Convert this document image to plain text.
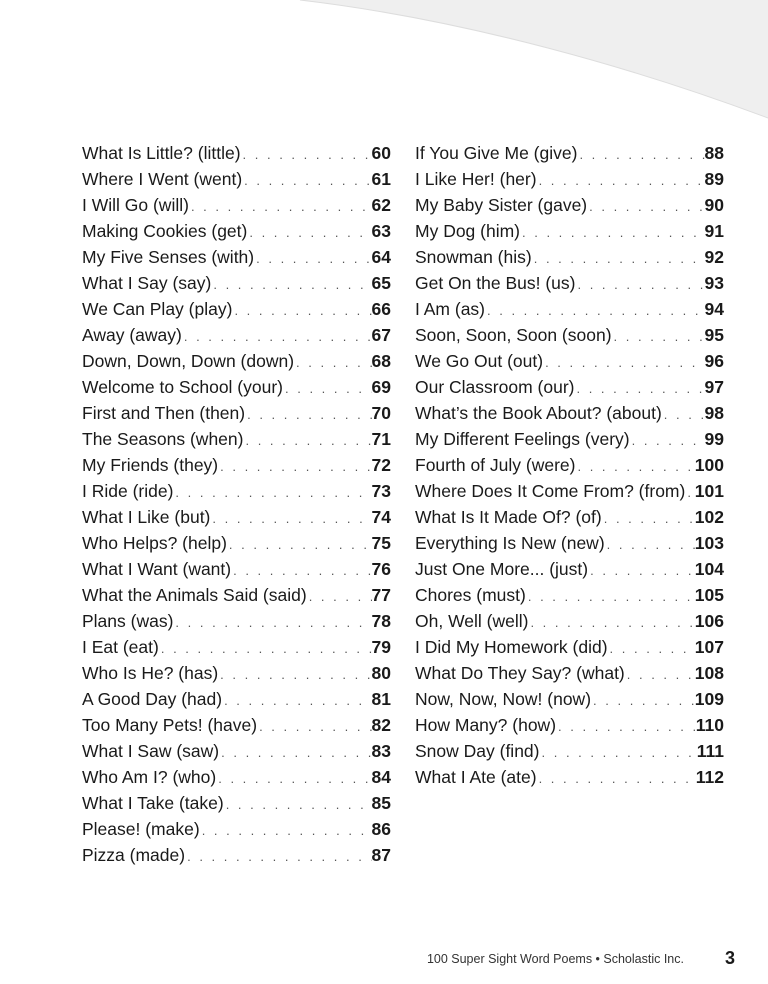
What Is Little? (little) . . .	60
Where I Went (went) . . .	61
I Will Go (will) . . .	62
Making Cookies (get) . . .	63
My Five Senses (with) . . .	64
What I Say (say) . . .	65
We Can Play (play) . . .	66
Away (away) . . .	67
Down, Down, Down (down) . . .	68
Welcome to School (your) . . .	69
First and Then (then) . . .	70
The Seasons (when) . . .	71
My Friends (they) . . .	72
I Ride (ride) . . .	73
What I Like (but) . . .	74
Who Helps? (help) . . .	75
What I Want (want) . . .	76
What the Animals Said (said) . . .	77
Plans (was) . . .	78
I Eat (eat) . . .	79
Who Is He? (has) . . .	80
A Good Day (had) . . .	81
Too Many Pets! (have) . . .	82
What I Saw (saw) . . .	83
Who Am I? (who) . . .	84
What I Take (take) . . .	85
Please! (make) . . .	86
Pizza (made) . . .	87
If You Give Me (give) . . .	88
I Like Her! (her) . . .	89
My Baby Sister (gave) . . .	90
My Dog (him) . . .	91
Snowman (his) . . .	92
Get On the Bus! (us) . . .	93
I Am (as) . . .	94
Soon, Soon, Soon (soon) . . .	95
We Go Out (out) . . .	96
Our Classroom (our) . . .	97
What’s the Book About? (about) . . . 98
My Different Feelings (very) . . .	99
Fourth of July (were) . . .	100
Where Does It Come From? (from) . . . 101
What Is It Made Of? (of) . . .	102
Everything Is New (new) . . .	103
Just One More... (just) . . .	104
Chores (must) . . .	105
Oh, Well (well) . . .	106
I Did My Homework (did) . . .	107
What Do They Say? (what) . . .	108
Now, Now, Now! (now) . . .	109
How Many? (how) . . .	110
Snow Day (find) . . .	111
What I Ate (ate) . . .	112
100 Super Sight Word Poems • Scholastic Inc. 3
